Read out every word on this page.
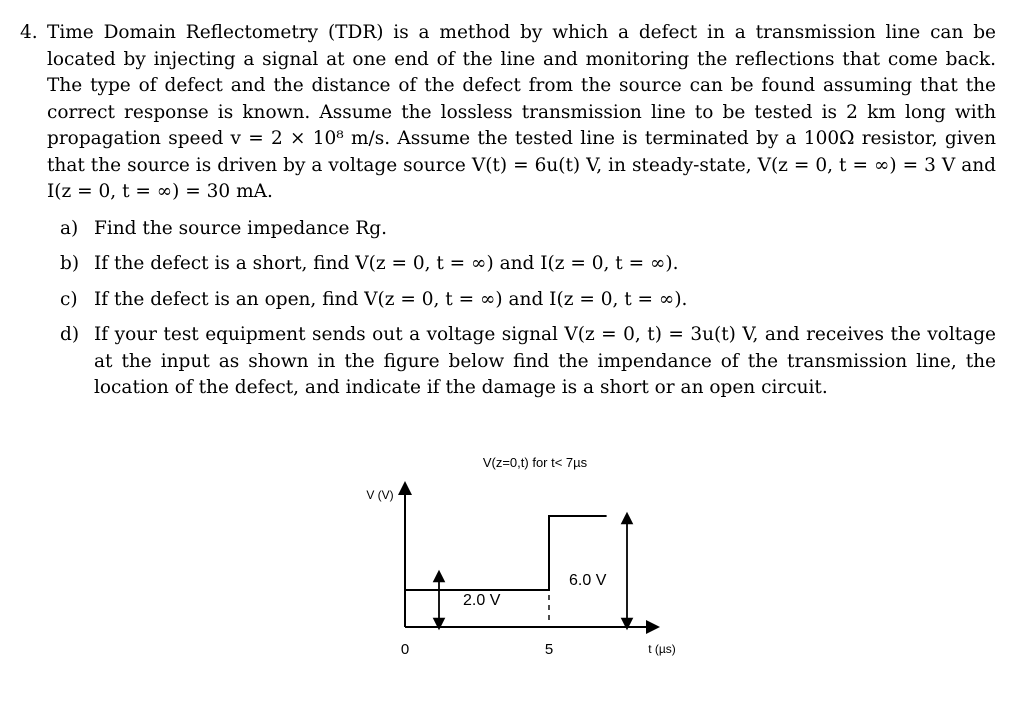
4. Time Domain Reflectometry (TDR) is a method by which a defect in a transmission line can be located by injecting a signal at one end of the line and monitoring the reflections that come back. The type of defect and the distance of the defect from the source can be found assuming that the correct response is known. Assume the lossless transmission line to be tested is 2 km long with propagation speed v = 2 × 10⁸ m/s. Assume the tested line is terminated by a 100Ω resistor, given that the source is driven by a voltage source V(t) = 6u(t) V, in steady-state, V(z = 0, t = ∞) = 3 V and I(z = 0, t = ∞) = 30 mA.
a) Find the source impedance Rg.
b) If the defect is a short, find V(z = 0, t = ∞) and I(z = 0, t = ∞).
c) If the defect is an open, find V(z = 0, t = ∞) and I(z = 0, t = ∞).
d) If your test equipment sends out a voltage signal V(z = 0, t) = 3u(t) V, and receives the voltage at the input as shown in the figure below find the impendance of the transmission line, the location of the defect, and indicate if the damage is a short or an open circuit.
V(z=0,t) for t< 7µs
V (V)
t (µs)
0	5
2.0 V
6.0 V
